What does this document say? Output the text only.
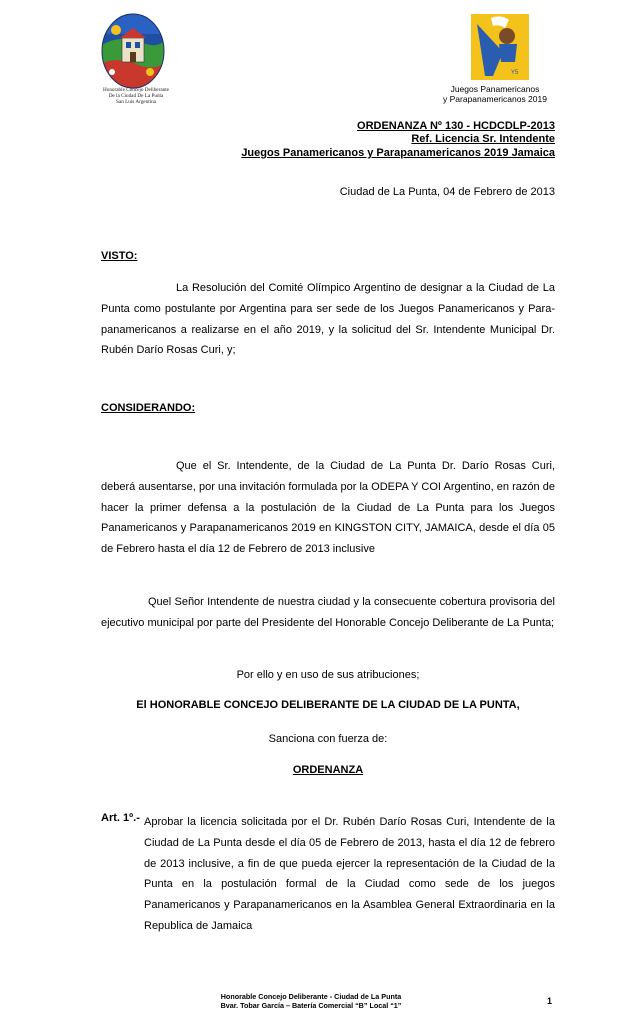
Honorable Concejo Deliberante
De la Ciudad De La Punta
San Luis Argentina
Y5
Juegos Panamericanos
y Parapanamericanos 2019
ORDENANZA Nº 130 - HCDCDLP-2013
Ref. Licencia Sr. Intendente
Juegos Panamericanos y Parapanamericanos 2019 Jamaica
Ciudad de La Punta, 04 de Febrero de 2013
VISTO:
La Resolución del Comité Olímpico Argentino de designar a la Ciudad de La Punta como postulante por Argentina para ser sede de los Juegos Panamericanos y Para-panamericanos a realizarse en el año 2019, y la solicitud del Sr. Intendente Municipal Dr. Rubén Darío Rosas Curi, y;
CONSIDERANDO:
Que el Sr. Intendente, de la Ciudad de La Punta Dr. Darío Rosas Curi, deberá ausentarse, por una invitación formulada por la ODEPA Y COI Argentino, en razón de hacer la primer defensa a la postulación de la Ciudad de La Punta para los Juegos Panamericanos y Parapanamericanos 2019 en KINGSTON CITY, JAMAICA, desde el día 05 de Febrero hasta el día 12 de Febrero de 2013 inclusive
Quel Señor Intendente de nuestra ciudad y la consecuente cobertura provisoria del ejecutivo municipal por parte del Presidente del Honorable Concejo Deliberante de La Punta;
Por ello y en uso de sus atribuciones;
El HONORABLE CONCEJO DELIBERANTE DE LA CIUDAD DE LA PUNTA,
Sanciona con fuerza de:
ORDENANZA
Art. 1º.- Aprobar la licencia solicitada por el Dr. Rubén Darío Rosas Curi, Intendente de la Ciudad de La Punta desde el día 05 de Febrero de 2013, hasta el día 12 de febrero de 2013 inclusive, a fin de que pueda ejercer la representación de la Ciudad de la Punta en la postulación formal de la Ciudad como sede de los juegos Panamericanos y Parapanamericanos en la Asamblea General Extraordinaria en la Republica de Jamaica
Honorable Concejo Deliberante - Ciudad de La Punta
Bvar. Tobar García – Batería Comercial “B” Local “1”	1
